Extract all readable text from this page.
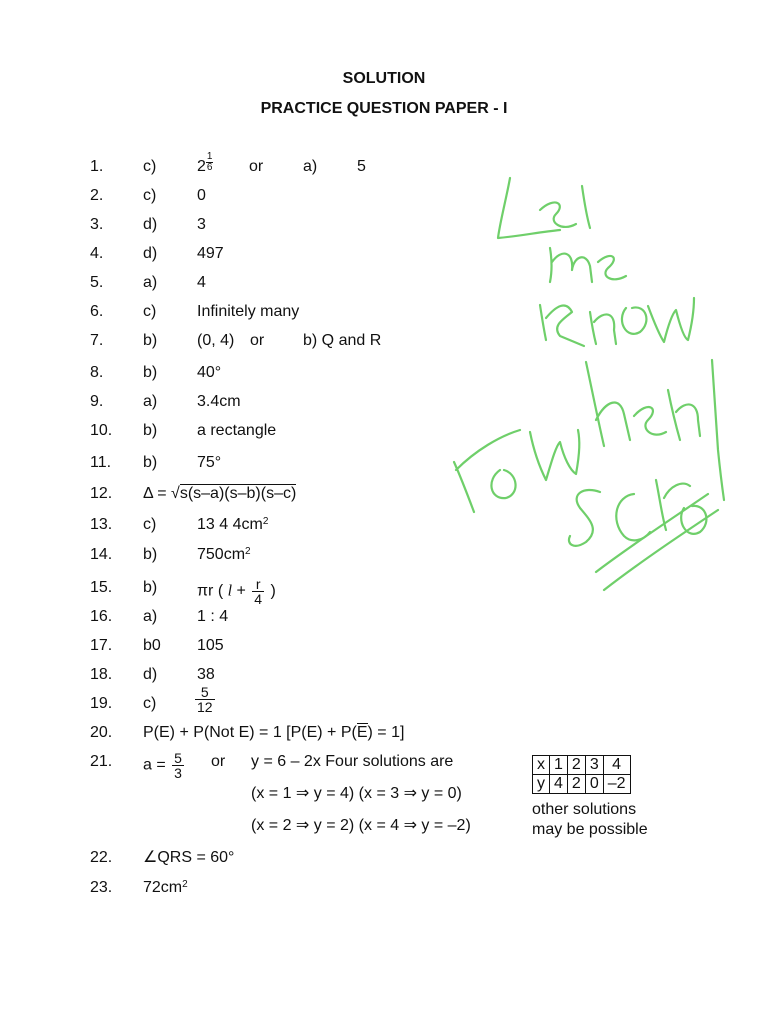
SOLUTION
PRACTICE QUESTION PAPER - I
1. c)	$2 \frac{1}{6}$ or a) 5
2. c)	0
3. d) 3
4. d) 497
5. a) 4
6. c)	Infinitely many
7. b) (0, 4) or b) Q and R
8. b) 40°
9. a) 3.4cm
10. b) a rectangle
11. b) 75°
12. Δ = √s(s–a)(s–b)(s–c)
13. c)	13 4 $4cm^2$
14. b) $750cm^2$
15. b) πr ( $l + \frac{r}{4}$ )
16. a) 1 : 4
17. b0 105
18. d) 38
19. c)	$\frac{5}{12}$
20. P(E) + P(Not E) = 1 [P(E) + P(E) = 1]
21. $a = \frac{5}{3}$ or y = 6 – 2x Four solutions are
(x = 1 ⇒ y = 4) (x = 3 ⇒ y = 0)
(x = 2 ⇒ y = 2) (x = 4 ⇒ y = –2)
x	1	2	3	4
y	4	2	0	–2
other solutions
may be possible
22. ∠QRS = 60°
23. $72cm^2$
